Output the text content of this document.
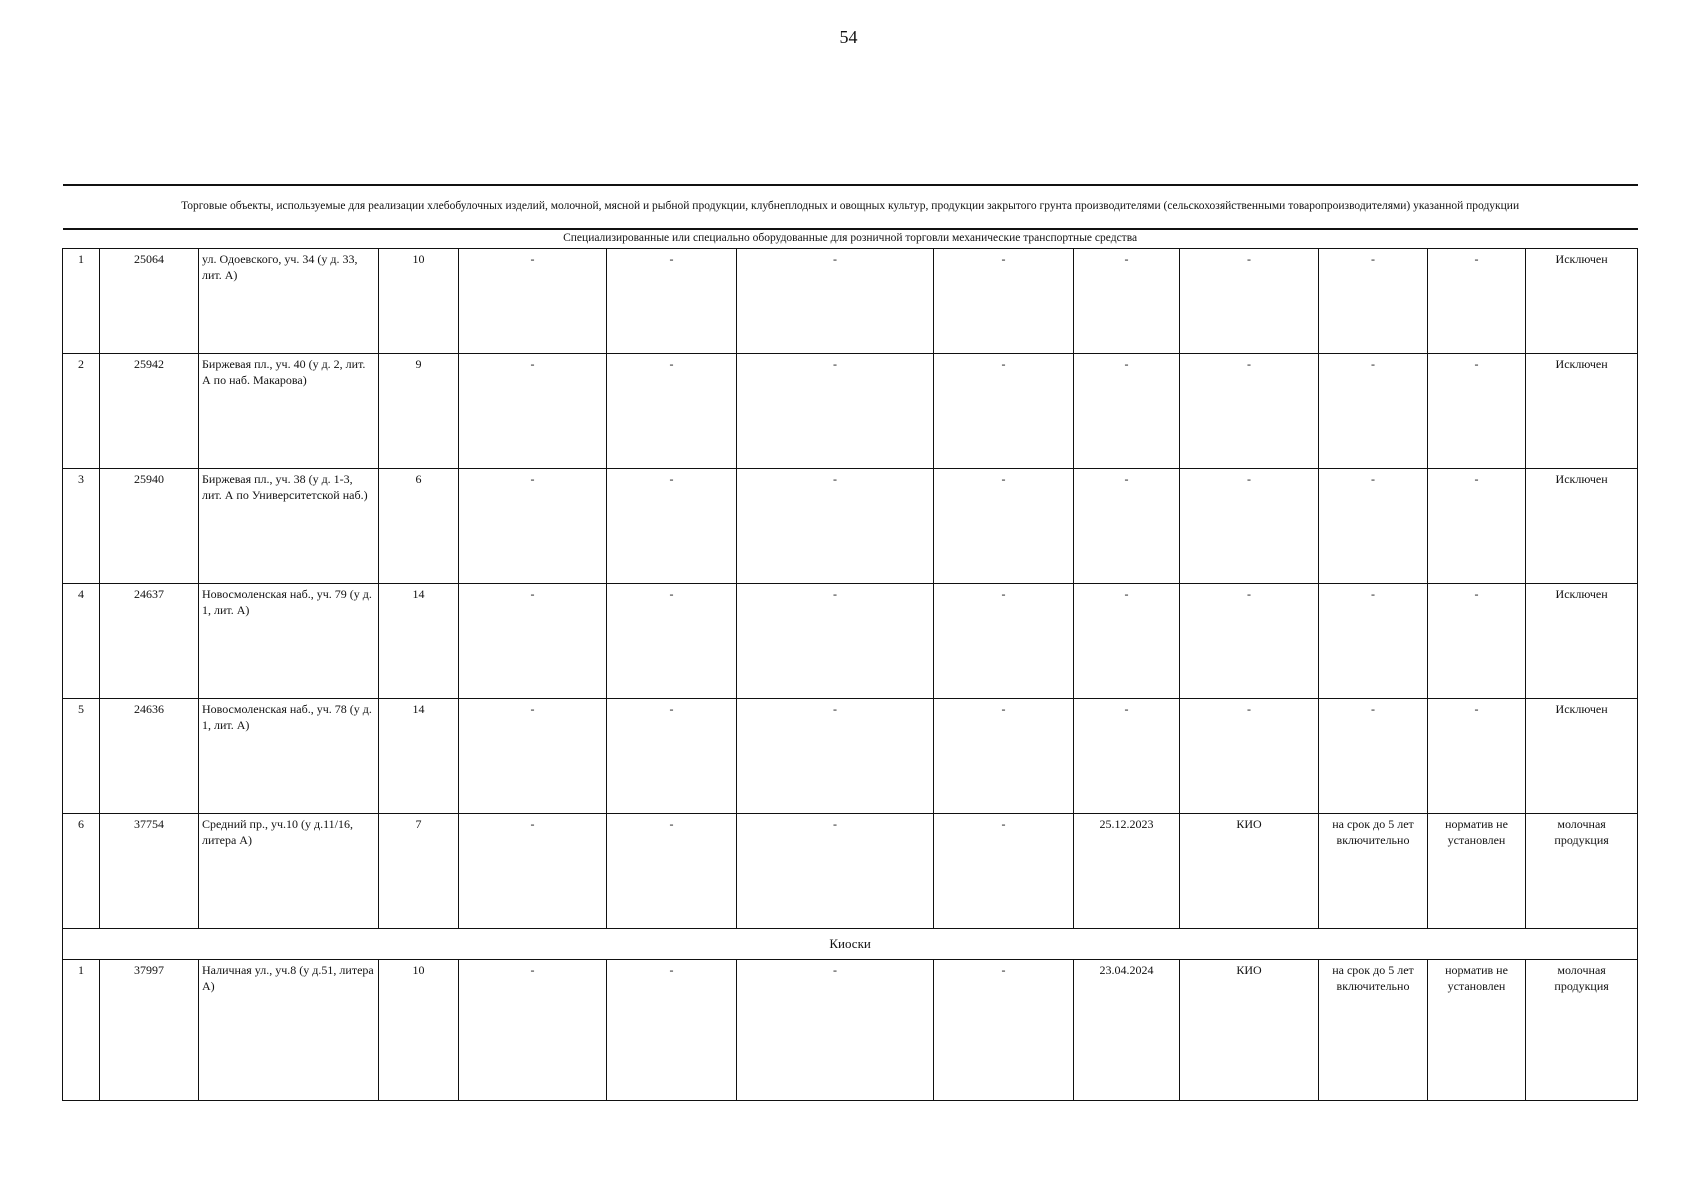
54
Торговые объекты, используемые для реализации хлебобулочных изделий, молочной, мясной и рыбной продукции, клубнеплодных и овощных культур, продукции закрытого грунта производителями (сельскохозяйственными товаропроизводителями) указанной продукции												
Специализированные или специально оборудованные для розничной торговли механические транспортные средства												
1	25064	ул. Одоевского, уч. 34 (у д. 33, лит. А)	10	-	-	-	-	-	-	-	-	Исключен
2	25942	Биржевая пл., уч. 40 (у д. 2, лит. А по наб. Макарова)	9	-	-	-	-	-	-	-	-	Исключен
3	25940	Биржевая пл., уч. 38 (у д. 1-3, лит. А по Университетской наб.)	6	-	-	-	-	-	-	-	-	Исключен
4	24637	Новосмоленская наб., уч. 79 (у д. 1, лит. А)	14	-	-	-	-	-	-	-	-	Исключен
5	24636	Новосмоленская наб., уч. 78 (у д. 1, лит. А)	14	-	-	-	-	-	-	-	-	Исключен
6	37754	Средний пр., уч.10 (у д.11/16, литера А)	7	-	-	-	-	25.12.2023	КИО	на срок до 5 лет включительно	норматив не установлен	молочная продукция
Киоски												
1	37997	Наличная ул., уч.8 (у д.51, литера А)	10	-	-	-	-	23.04.2024	КИО	на срок до 5 лет включительно	норматив не установлен	молочная продукция
